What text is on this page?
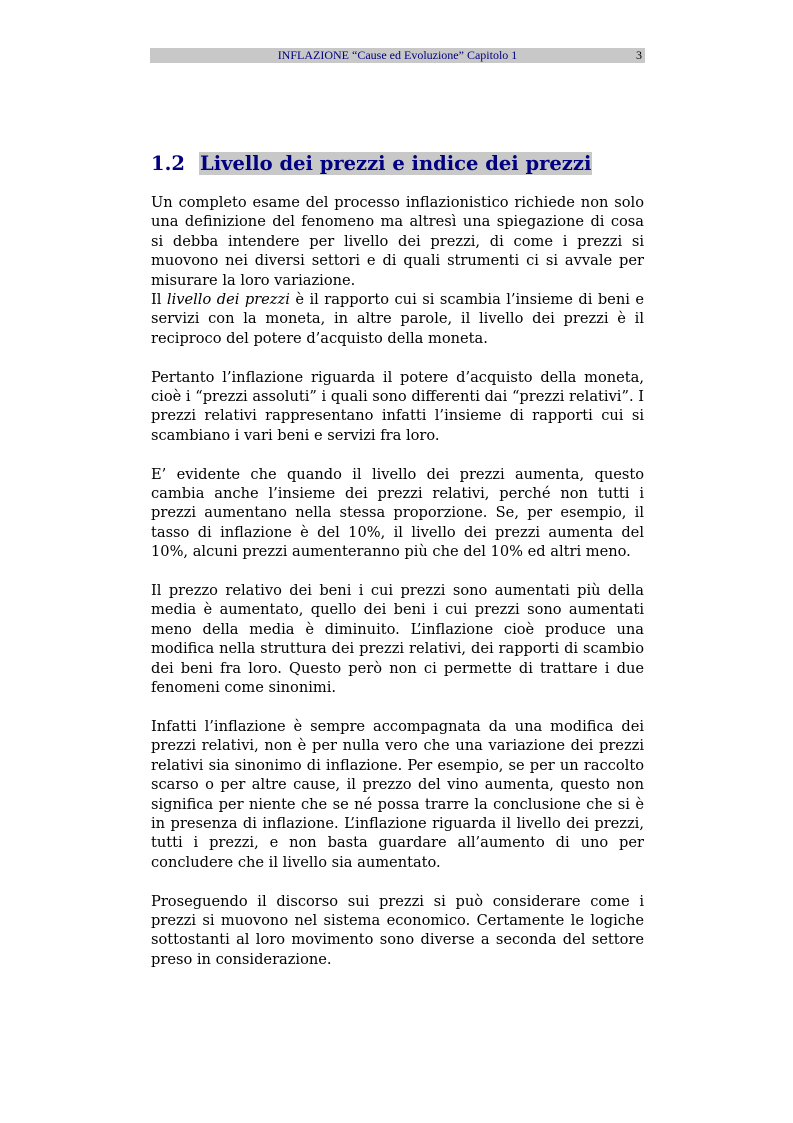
INFLAZIONE “Cause ed Evoluzione” Capitolo 1	3
1.2 Livello dei prezzi e indice dei prezzi

Un completo esame del processo inflazionistico richiede non solo una definizione del fenomeno ma altresì una spiegazione di cosa si debba intendere per livello dei prezzi, di come i prezzi si muovono nei diversi settori e di quali strumenti ci si avvale per misurare la loro variazione.

Il livello dei prezzi è il rapporto cui si scambia l’insieme di beni e servizi con la moneta, in altre parole, il livello dei prezzi è il reciproco del potere d’acquisto della moneta.

Pertanto l’inflazione riguarda il potere d’acquisto della moneta, cioè i “prezzi assoluti” i quali sono differenti dai “prezzi relativi”. I prezzi relativi rappresentano infatti l’insieme di rapporti cui si scambiano i vari beni e servizi fra loro.

E’ evidente che quando il livello dei prezzi aumenta, questo cambia anche l’insieme dei prezzi relativi, perché non tutti i prezzi aumentano nella stessa proporzione. Se, per esempio, il tasso di inflazione è del 10%, il livello dei prezzi aumenta del 10%, alcuni prezzi aumenteranno più che del 10% ed altri meno.

Il prezzo relativo dei beni i cui prezzi sono aumentati più della media è aumentato, quello dei beni i cui prezzi sono aumentati meno della media è diminuito. L’inflazione cioè produce una modifica nella struttura dei prezzi relativi, dei rapporti di scambio dei beni fra loro. Questo però non ci permette di trattare i due fenomeni come sinonimi.

Infatti l’inflazione è sempre accompagnata da una modifica dei prezzi relativi, non è per nulla vero che una variazione dei prezzi relativi sia sinonimo di inflazione. Per esempio, se per un raccolto scarso o per altre cause, il prezzo del vino aumenta, questo non significa per niente che se né possa trarre la conclusione che si è in presenza di inflazione. L’inflazione riguarda il livello dei prezzi, tutti i prezzi, e non basta guardare all’aumento di uno per concludere che il livello sia aumentato.

Proseguendo il discorso sui prezzi si può considerare come i prezzi si muovono nel sistema economico. Certamente le logiche sottostanti al loro movimento sono diverse a seconda del settore preso in considerazione.
